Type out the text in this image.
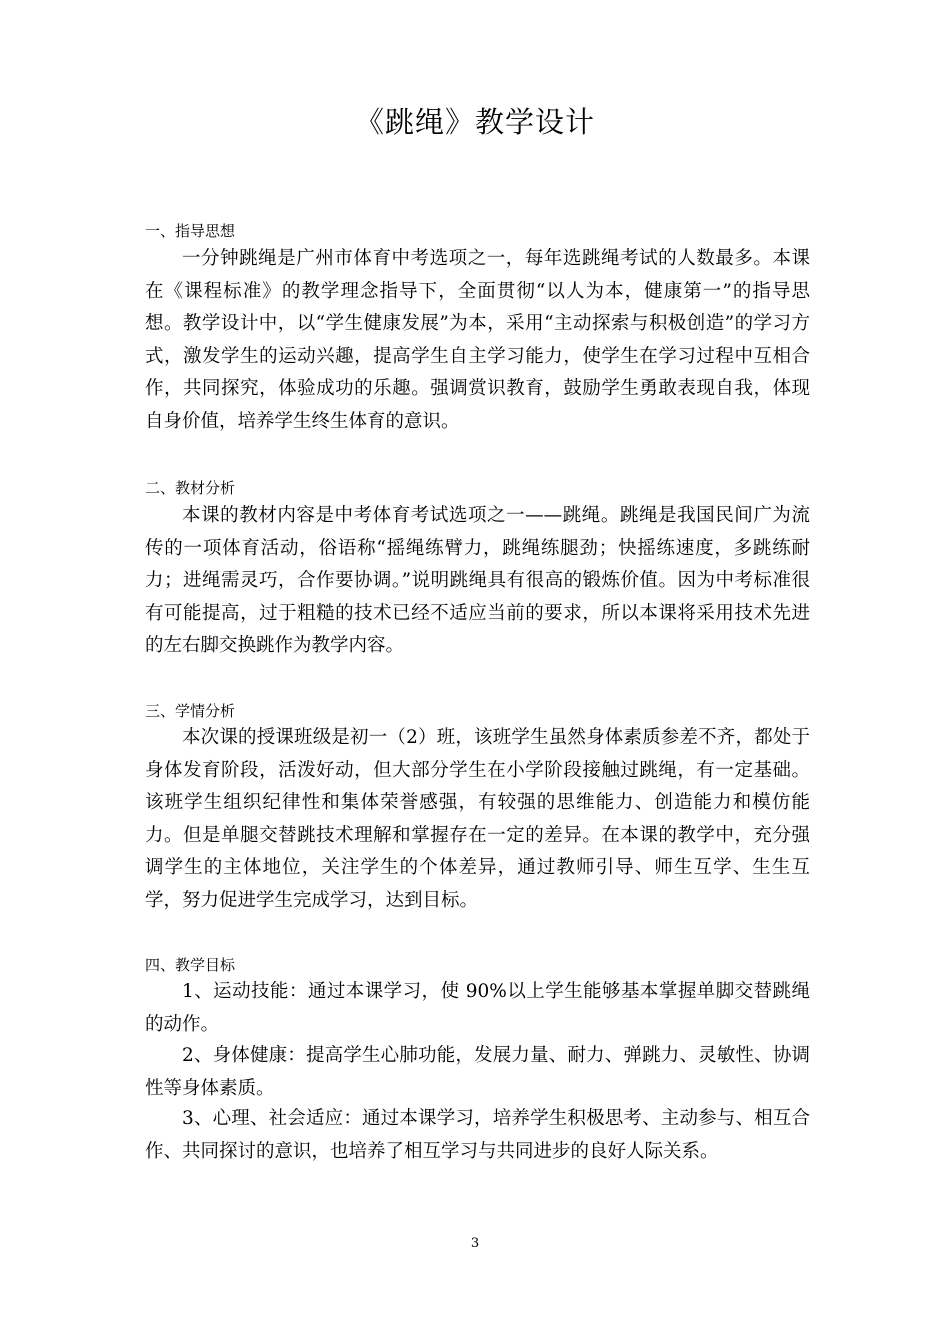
《跳绳》教学设计
一、指导思想
一分钟跳绳是广州市体育中考选项之一，每年选跳绳考试的人数最多。本课在《课程标准》的教学理念指导下，全面贯彻“以人为本，健康第一”的指导思想。教学设计中，以“学生健康发展”为本，采用“主动探索与积极创造”的学习方式，激发学生的运动兴趣，提高学生自主学习能力，使学生在学习过程中互相合作，共同探究，体验成功的乐趣。强调赏识教育，鼓励学生勇敢表现自我，体现自身价值，培养学生终生体育的意识。
二、教材分析
本课的教材内容是中考体育考试选项之一——跳绳。跳绳是我国民间广为流传的一项体育活动，俗语称“摇绳练臂力，跳绳练腿劲；快摇练速度，多跳练耐力；进绳需灵巧，合作要协调。”说明跳绳具有很高的锻炼价值。因为中考标准很有可能提高，过于粗糙的技术已经不适应当前的要求，所以本课将采用技术先进的左右脚交换跳作为教学内容。
三、学情分析
本次课的授课班级是初一（2）班，该班学生虽然身体素质参差不齐，都处于身体发育阶段，活泼好动，但大部分学生在小学阶段接触过跳绳，有一定基础。该班学生组织纪律性和集体荣誉感强，有较强的思维能力、创造能力和模仿能力。但是单腿交替跳技术理解和掌握存在一定的差异。在本课的教学中，充分强调学生的主体地位，关注学生的个体差异，通过教师引导、师生互学、生生互学，努力促进学生完成学习，达到目标。
四、教学目标
1、运动技能：通过本课学习，使 90%以上学生能够基本掌握单脚交替跳绳的动作。
2、身体健康：提高学生心肺功能，发展力量、耐力、弹跳力、灵敏性、协调性等身体素质。
3、心理、社会适应：通过本课学习，培养学生积极思考、主动参与、相互合作、共同探讨的意识，也培养了相互学习与共同进步的良好人际关系。
3
